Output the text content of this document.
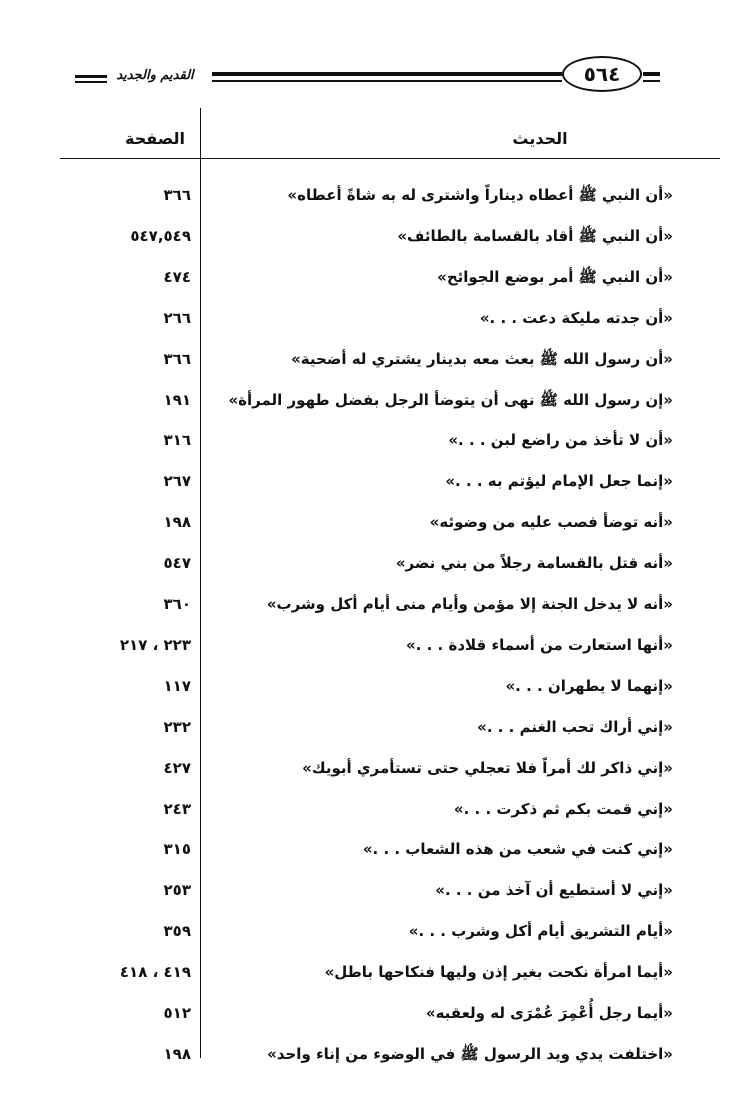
القديم والجديد	٥٦٤
الحديث
الصفحة
«أن النبي ﷺ أعطاه ديناراً واشترى له به شاةً أعطاه»
٣٦٦
«أن النبي ﷺ أقاد بالقسامة بالطائف»
٥٤٧,٥٤٩
«أن النبي ﷺ أمر بوضع الجوائح»
٤٧٤
«أن جدته مليكة دعت . . .»
٢٦٦
«أن رسول الله ﷺ بعث معه بدينار يشتري له أضحية»
٣٦٦
«إن رسول الله ﷺ نهى أن يتوضأ الرجل بفضل طهور المرأة»
١٩١
«أن لا تأخذ من راضع لبن . . .»
٣١٦
«إنما جعل الإمام ليؤتم به . . .»
٢٦٧
«أنه توضأ فصب عليه من وضوئه»
١٩٨
«أنه قتل بالقسامة رجلاً من بني نضر»
٥٤٧
«أنه لا يدخل الجنة إلا مؤمن وأيام منى أيام أكل وشرب»
٣٦٠
«أنها استعارت من أسماء قلادة . . .»
٢٢٣ ، ٢١٧
«إنهما لا يطهران . . .»
١١٧
«إني أراك تحب الغنم . . .»
٢٣٢
«إني ذاكر لك أمراً فلا تعجلي حتى تستأمري أبويك»
٤٢٧
«إني قمت بكم ثم ذكرت . . .»
٢٤٣
«إني كنت في شعب من هذه الشعاب . . .»
٣١٥
«إني لا أستطيع أن آخذ من . . .»
٢٥٣
«أيام التشريق أيام أكل وشرب . . .»
٣٥٩
«أيما امرأة نكحت بغير إذن وليها فنكاحها باطل»
٤١٩ ، ٤١٨
«أيما رجل أُعْمِرَ عُمْرَى له ولعقبه»
٥١٢
«اختلفت يدي ويد الرسول ﷺ في الوضوء من إناء واحد»
١٩٨
